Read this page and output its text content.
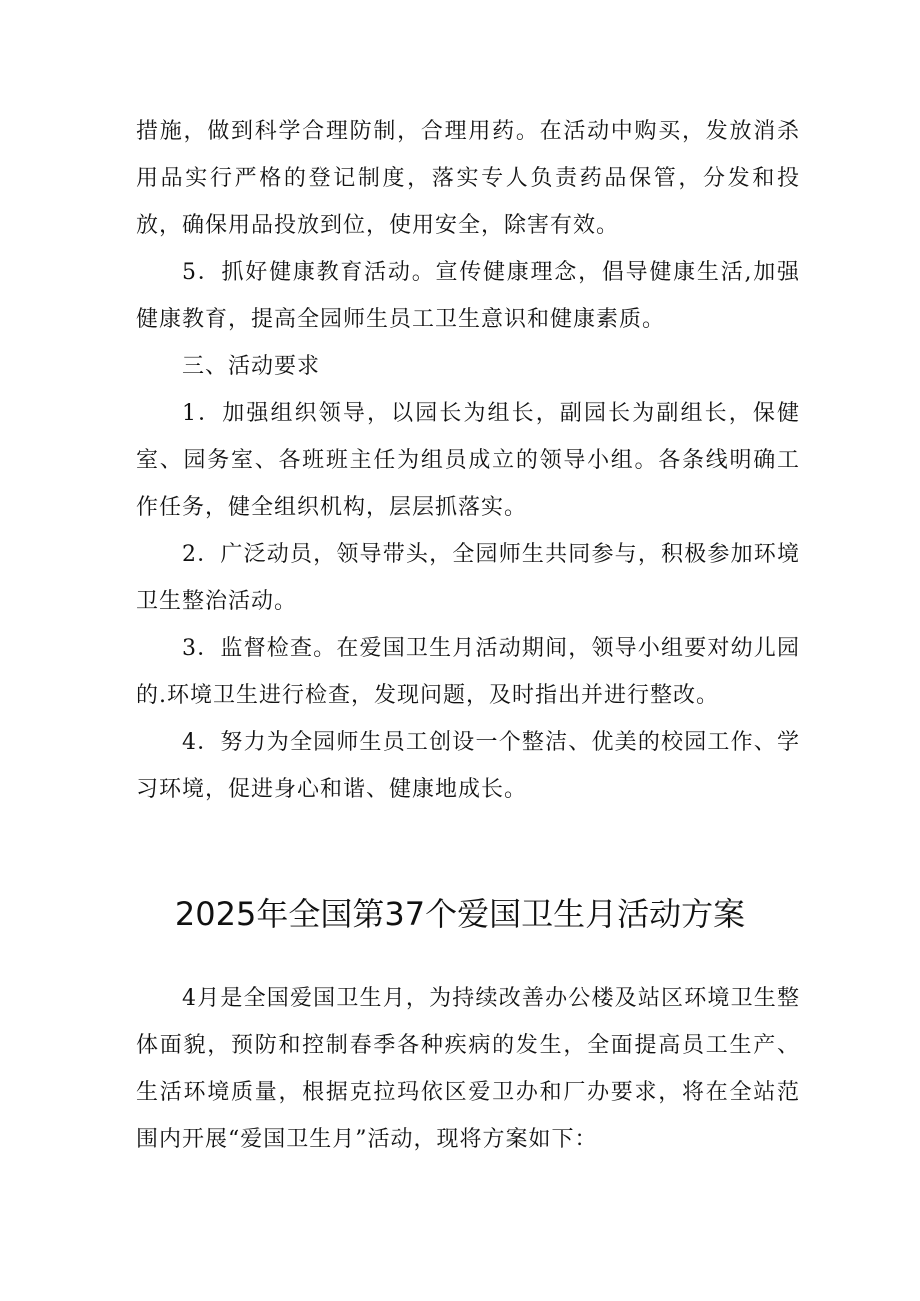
措施，做到科学合理防制，合理用药。在活动中购买，发放消杀用品实行严格的登记制度，落实专人负责药品保管，分发和投放，确保用品投放到位，使用安全，除害有效。

5．抓好健康教育活动。宣传健康理念，倡导健康生活,加强健康教育，提高全园师生员工卫生意识和健康素质。

三、活动要求

1．加强组织领导，以园长为组长，副园长为副组长，保健室、园务室、各班班主任为组员成立的领导小组。各条线明确工作任务，健全组织机构，层层抓落实。

2．广泛动员，领导带头，全园师生共同参与，积极参加环境卫生整治活动。

3．监督检查。在爱国卫生月活动期间，领导小组要对幼儿园的.环境卫生进行检查，发现问题，及时指出并进行整改。

4．努力为全园师生员工创设一个整洁、优美的校园工作、学习环境，促进身心和谐、健康地成长。

2025年全国第37个爱国卫生月活动方案

4月是全国爱国卫生月，为持续改善办公楼及站区环境卫生整体面貌，预防和控制春季各种疾病的发生，全面提高员工生产、生活环境质量，根据克拉玛依区爱卫办和厂办要求，将在全站范围内开展“爱国卫生月”活动，现将方案如下：
